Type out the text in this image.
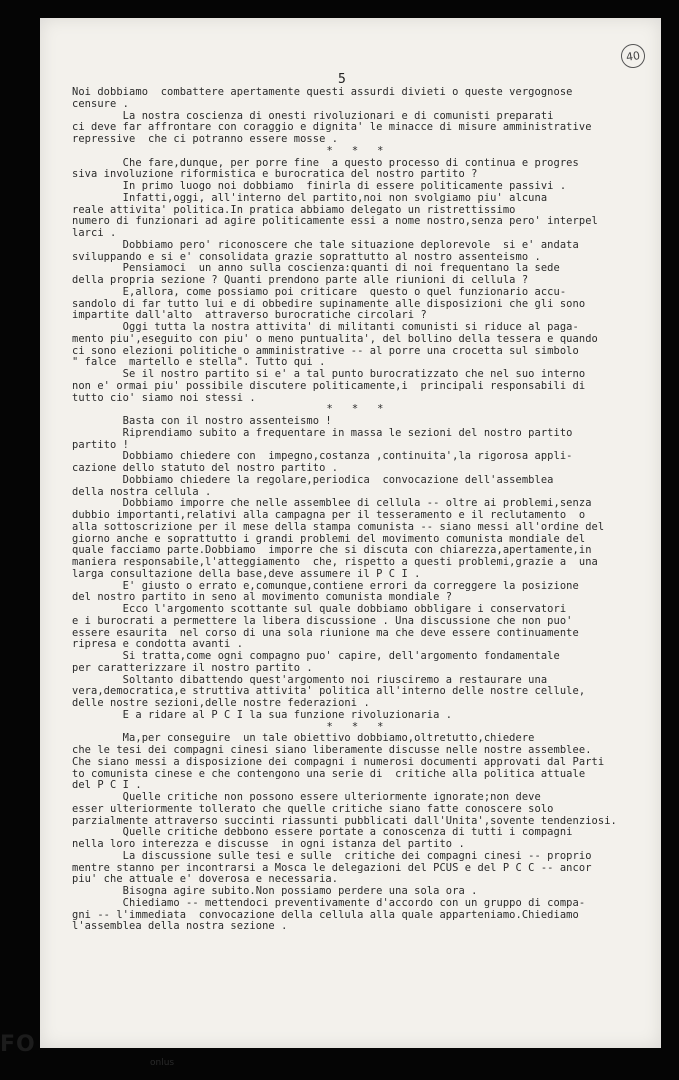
40
5
Noi dobbiamo  combattere apertamente questi assurdi divieti o queste vergognose
censure .
La nostra coscienza di onesti rivoluzionari e di comunisti preparati
ci deve far affrontare con coraggio e dignita' le minacce di misure amministrative
repressive  che ci potranno essere mosse .
*   *   *
Che fare,dunque, per porre fine  a questo processo di continua e progres
siva involuzione riformistica e burocratica del nostro partito ?
In primo luogo noi dobbiamo  finirla di essere politicamente passivi .
Infatti,oggi, all'interno del partito,noi non svolgiamo piu' alcuna
reale attivita' politica.In pratica abbiamo delegato un ristrettissimo
numero di funzionari ad agire politicamente essi a nome nostro,senza pero' interpel
larci .
Dobbiamo pero' riconoscere che tale situazione deplorevole  si e' andata
sviluppando e si e' consolidata grazie soprattutto al nostro assenteismo .
Pensiamoci  un anno sulla coscienza:quanti di noi frequentano la sede
della propria sezione ? Quanti prendono parte alle riunioni di cellula ?
E,allora, come possiamo poi criticare  questo o quel funzionario accu-
sandolo di far tutto lui e di obbedire supinamente alle disposizioni che gli sono
impartite dall'alto  attraverso burocratiche circolari ?
Oggi tutta la nostra attivita' di militanti comunisti si riduce al paga-
mento piu',eseguito con piu' o meno puntualita', del bollino della tessera e quando
ci sono elezioni politiche o amministrative -- al porre una crocetta sul simbolo
" falce  martello e stella". Tutto qui .
Se il nostro partito si e' a tal punto burocratizzato che nel suo interno
non e' ormai piu' possibile discutere politicamente,i  principali responsabili di
tutto cio' siamo noi stessi .
*   *   *
Basta con il nostro assenteismo !
Riprendiamo subito a frequentare in massa le sezioni del nostro partito
partito !
Dobbiamo chiedere con  impegno,costanza ,continuita',la rigorosa appli-
cazione dello statuto del nostro partito .
Dobbiamo chiedere la regolare,periodica  convocazione dell'assemblea
della nostra cellula .
Dobbiamo imporre che nelle assemblee di cellula -- oltre ai problemi,senza
dubbio importanti,relativi alla campagna per il tesseramento e il reclutamento  o
alla sottoscrizione per il mese della stampa comunista -- siano messi all'ordine del
giorno anche e soprattutto i grandi problemi del movimento comunista mondiale del
quale facciamo parte.Dobbiamo  imporre che si discuta con chiarezza,apertamente,in
maniera responsabile,l'atteggiamento  che, rispetto a questi problemi,grazie a  una
larga consultazione della base,deve assumere il P C I .
E' giusto o errato e,comunque,contiene errori da correggere la posizione
del nostro partito in seno al movimento comunista mondiale ?
Ecco l'argomento scottante sul quale dobbiamo obbligare i conservatori
e i burocrati a permettere la libera discussione . Una discussione che non puo'
essere esaurita  nel corso di una sola riunione ma che deve essere continuamente
ripresa e condotta avanti .
Si tratta,come ogni compagno puo' capire, dell'argomento fondamentale
per caratterizzare il nostro partito .
Soltanto dibattendo quest'argomento noi riusciremo a restaurare una
vera,democratica,e struttiva attivita' politica all'interno delle nostre cellule,
delle nostre sezioni,delle nostre federazioni .
E a ridare al P C I la sua funzione rivoluzionaria .
*   *   *
Ma,per conseguire  un tale obiettivo dobbiamo,oltretutto,chiedere
che le tesi dei compagni cinesi siano liberamente discusse nelle nostre assemblee.
Che siano messi a disposizione dei compagni i numerosi documenti approvati dal Parti
to comunista cinese e che contengono una serie di  critiche alla politica attuale
del P C I .
Quelle critiche non possono essere ulteriormente ignorate;non deve
esser ulteriormente tollerato che quelle critiche siano fatte conoscere solo
parzialmente attraverso succinti riassunti pubblicati dall'Unita',sovente tendenziosi.
Quelle critiche debbono essere portate a conoscenza di tutti i compagni
nella loro interezza e discusse  in ogni istanza del partito .
La discussione sulle tesi e sulle  critiche dei compagni cinesi -- proprio
mentre stanno per incontrarsi a Mosca le delegazioni del PCUS e del P C C -- ancor
piu' che attuale e' doverosa e necessaria.
Bisogna agire subito.Non possiamo perdere una sola ora .
Chiediamo -- mettendoci preventivamente d'accordo con un gruppo di compa-
gni -- l'immediata  convocazione della cellula alla quale apparteniamo.Chiediamo
l'assemblea della nostra sezione .
FO
onlus
